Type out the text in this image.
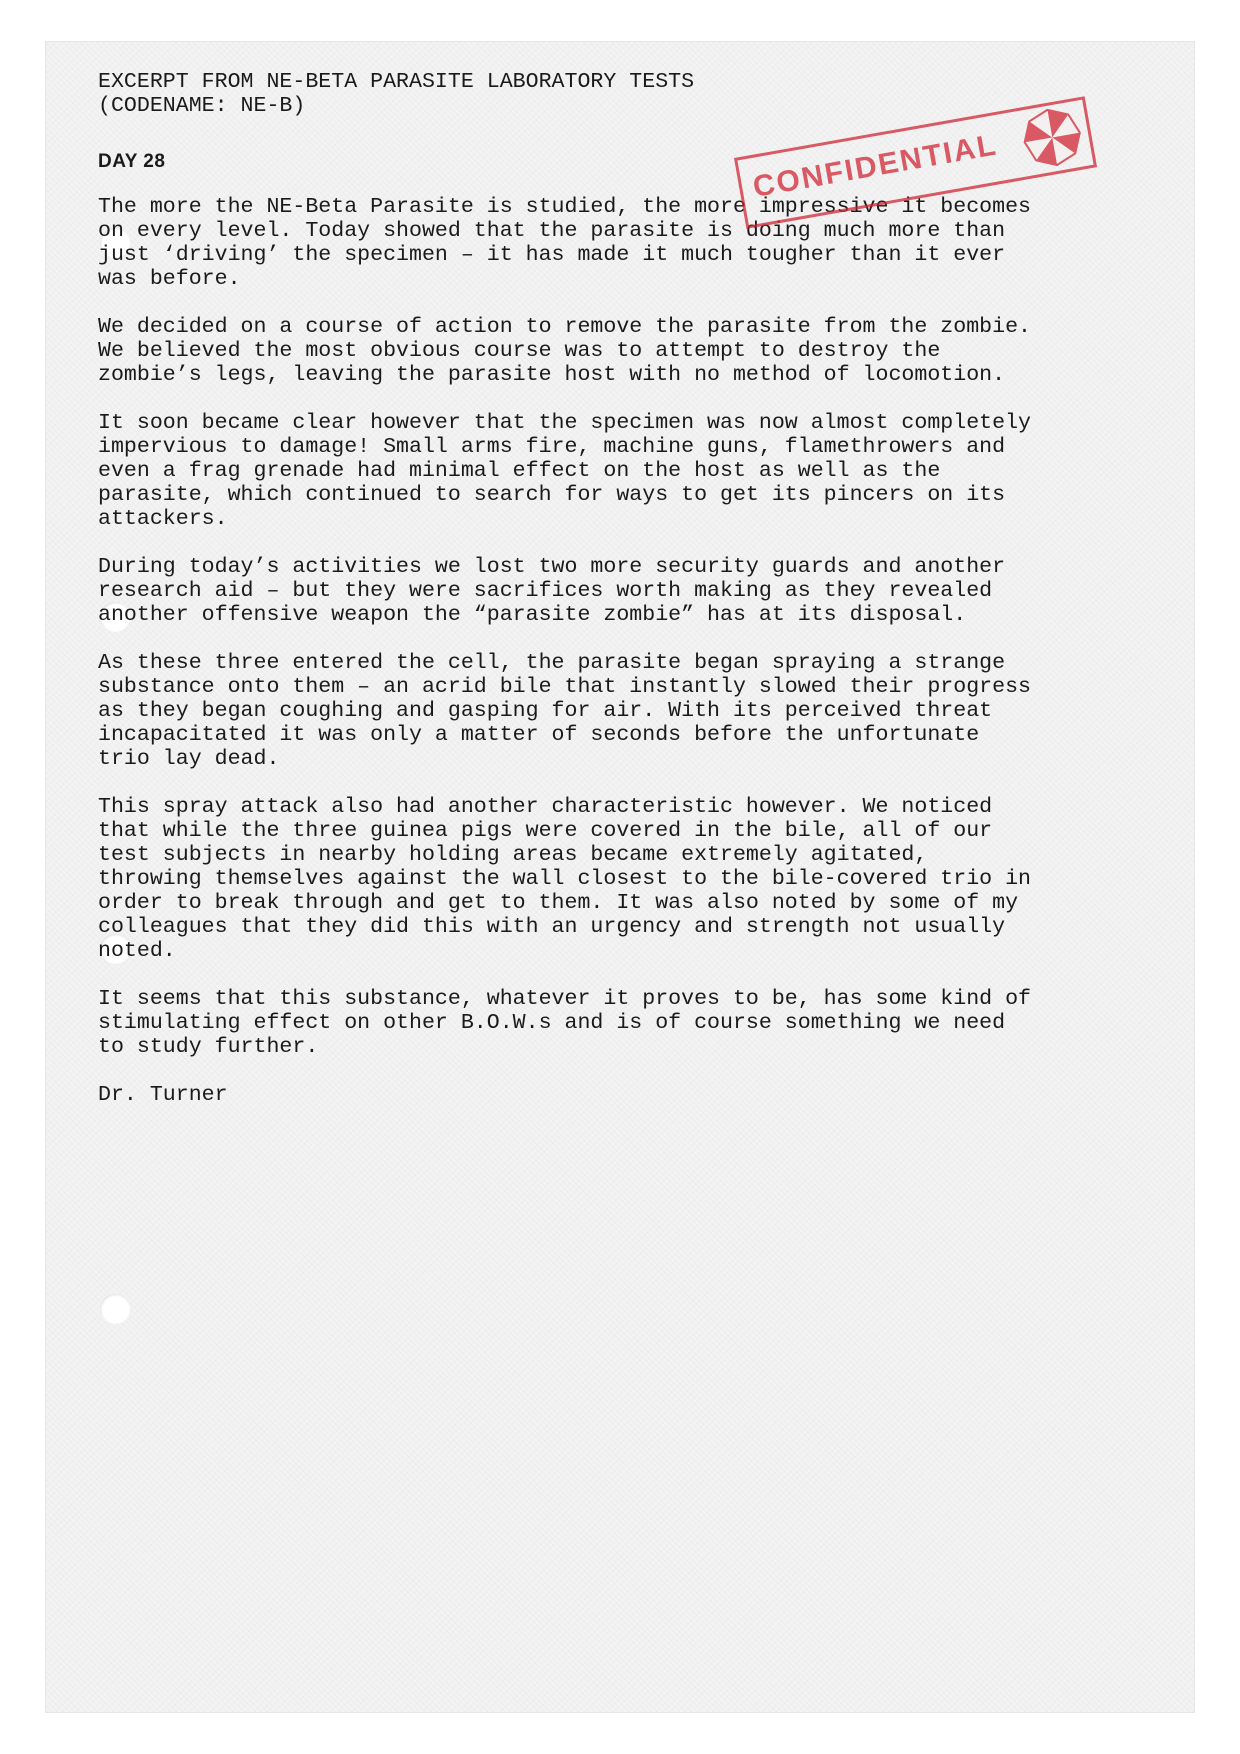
EXCERPT FROM NE-BETA PARASITE LABORATORY TESTS
(CODENAME: NE-B)
DAY 28
The more the NE-Beta Parasite is studied, the more impressive it becomes
on every level. Today showed that the parasite is doing much more than
just ‘driving’ the specimen – it has made it much tougher than it ever
was before.
We decided on a course of action to remove the parasite from the zombie.
We believed the most obvious course was to attempt to destroy the
zombie’s legs, leaving the parasite host with no method of locomotion.
It soon became clear however that the specimen was now almost completely
impervious to damage! Small arms fire, machine guns, flamethrowers and
even a frag grenade had minimal effect on the host as well as the
parasite, which continued to search for ways to get its pincers on its
attackers.
During today’s activities we lost two more security guards and another
research aid – but they were sacrifices worth making as they revealed
another offensive weapon the “parasite zombie” has at its disposal.
As these three entered the cell, the parasite began spraying a strange
substance onto them – an acrid bile that instantly slowed their progress
as they began coughing and gasping for air. With its perceived threat
incapacitated it was only a matter of seconds before the unfortunate
trio lay dead.
This spray attack also had another characteristic however. We noticed
that while the three guinea pigs were covered in the bile, all of our
test subjects in nearby holding areas became extremely agitated,
throwing themselves against the wall closest to the bile-covered trio in
order to break through and get to them. It was also noted by some of my
colleagues that they did this with an urgency and strength not usually
noted.
It seems that this substance, whatever it proves to be, has some kind of
stimulating effect on other B.O.W.s and is of course something we need
to study further.
Dr. Turner
CONFIDENTIAL
